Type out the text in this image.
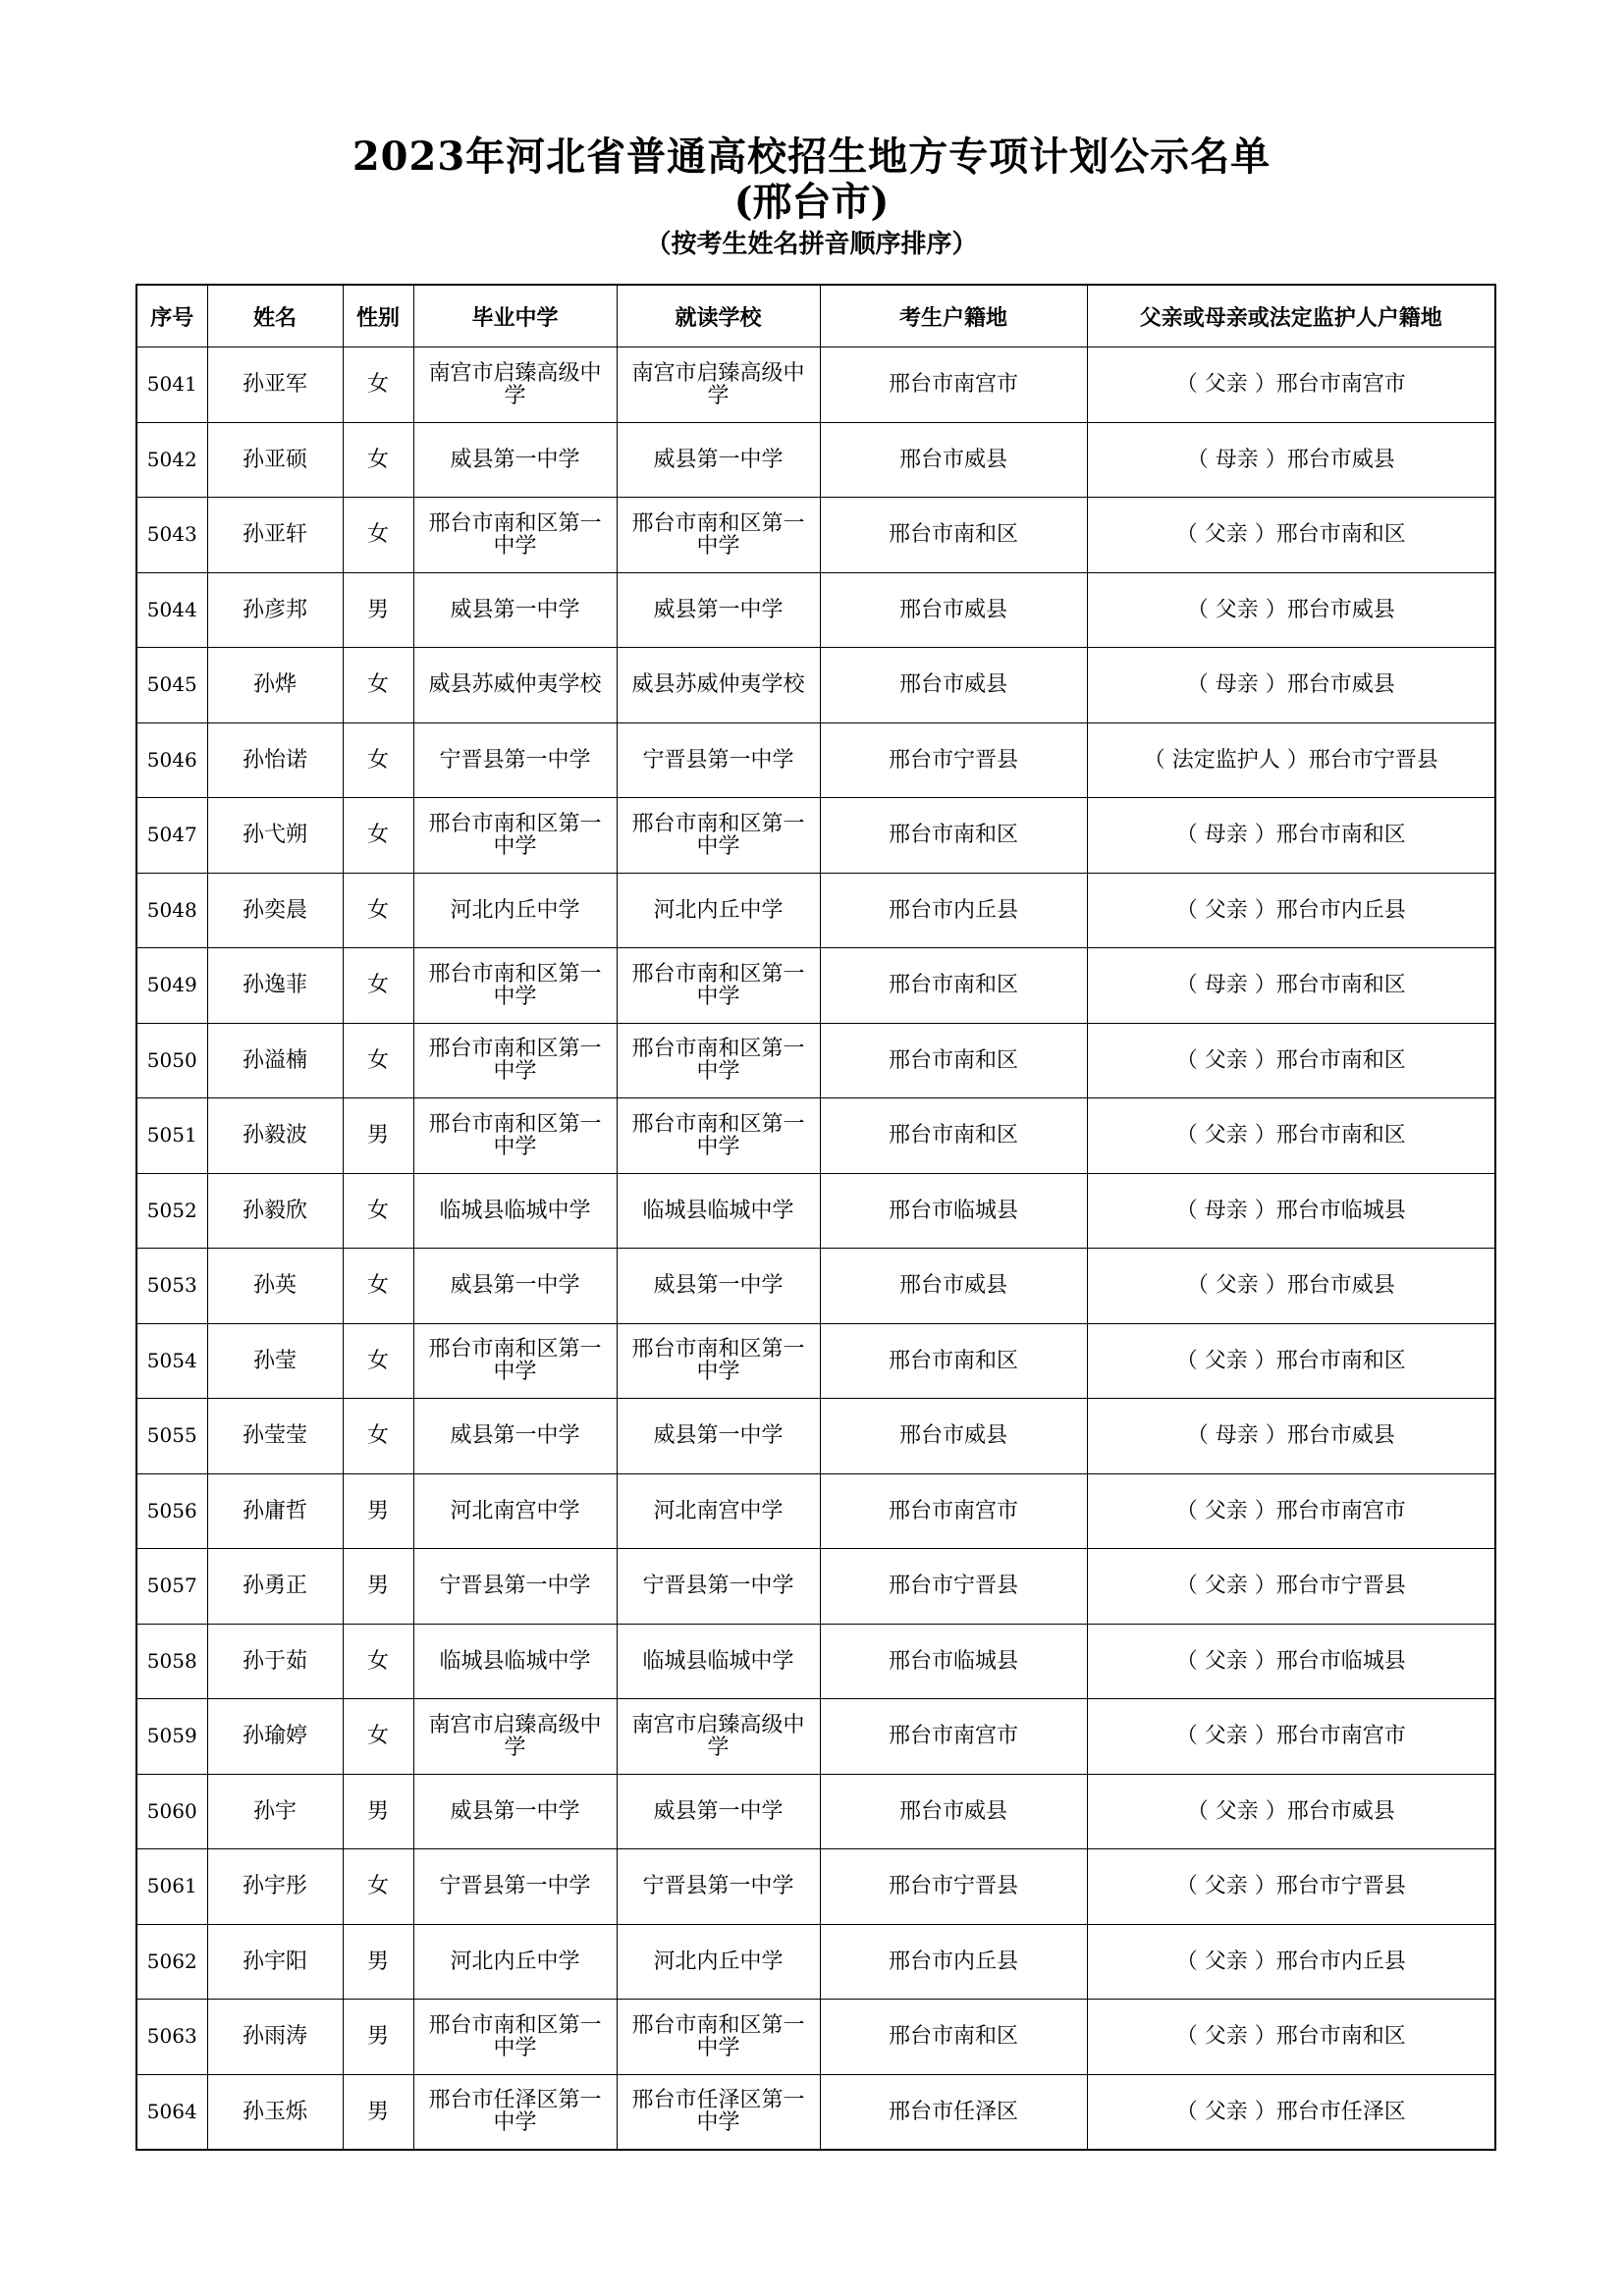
2023年河北省普通高校招生地方专项计划公示名单
(邢台市)
（按考生姓名拼音顺序排序）
序号	姓名	性别	毕业中学	就读学校	考生户籍地	父亲或母亲或法定监护人户籍地
5041	孙亚军	女	南宫市启臻高级中学	南宫市启臻高级中学	邢台市南宫市	（ 父亲 ）邢台市南宫市
5042	孙亚硕	女	威县第一中学	威县第一中学	邢台市威县	（ 母亲 ）邢台市威县
5043	孙亚轩	女	邢台市南和区第一中学	邢台市南和区第一中学	邢台市南和区	（ 父亲 ）邢台市南和区
5044	孙彦邦	男	威县第一中学	威县第一中学	邢台市威县	（ 父亲 ）邢台市威县
5045	孙烨	女	威县苏威仲夷学校	威县苏威仲夷学校	邢台市威县	（ 母亲 ）邢台市威县
5046	孙怡诺	女	宁晋县第一中学	宁晋县第一中学	邢台市宁晋县	（ 法定监护人 ）邢台市宁晋县
5047	孙弋朔	女	邢台市南和区第一中学	邢台市南和区第一中学	邢台市南和区	（ 母亲 ）邢台市南和区
5048	孙奕晨	女	河北内丘中学	河北内丘中学	邢台市内丘县	（ 父亲 ）邢台市内丘县
5049	孙逸菲	女	邢台市南和区第一中学	邢台市南和区第一中学	邢台市南和区	（ 母亲 ）邢台市南和区
5050	孙溢楠	女	邢台市南和区第一中学	邢台市南和区第一中学	邢台市南和区	（ 父亲 ）邢台市南和区
5051	孙毅波	男	邢台市南和区第一中学	邢台市南和区第一中学	邢台市南和区	（ 父亲 ）邢台市南和区
5052	孙毅欣	女	临城县临城中学	临城县临城中学	邢台市临城县	（ 母亲 ）邢台市临城县
5053	孙英	女	威县第一中学	威县第一中学	邢台市威县	（ 父亲 ）邢台市威县
5054	孙莹	女	邢台市南和区第一中学	邢台市南和区第一中学	邢台市南和区	（ 父亲 ）邢台市南和区
5055	孙莹莹	女	威县第一中学	威县第一中学	邢台市威县	（ 母亲 ）邢台市威县
5056	孙庸哲	男	河北南宫中学	河北南宫中学	邢台市南宫市	（ 父亲 ）邢台市南宫市
5057	孙勇正	男	宁晋县第一中学	宁晋县第一中学	邢台市宁晋县	（ 父亲 ）邢台市宁晋县
5058	孙于茹	女	临城县临城中学	临城县临城中学	邢台市临城县	（ 父亲 ）邢台市临城县
5059	孙瑜婷	女	南宫市启臻高级中学	南宫市启臻高级中学	邢台市南宫市	（ 父亲 ）邢台市南宫市
5060	孙宇	男	威县第一中学	威县第一中学	邢台市威县	（ 父亲 ）邢台市威县
5061	孙宇彤	女	宁晋县第一中学	宁晋县第一中学	邢台市宁晋县	（ 父亲 ）邢台市宁晋县
5062	孙宇阳	男	河北内丘中学	河北内丘中学	邢台市内丘县	（ 父亲 ）邢台市内丘县
5063	孙雨涛	男	邢台市南和区第一中学	邢台市南和区第一中学	邢台市南和区	（ 父亲 ）邢台市南和区
5064	孙玉烁	男	邢台市任泽区第一中学	邢台市任泽区第一中学	邢台市任泽区	（ 父亲 ）邢台市任泽区
